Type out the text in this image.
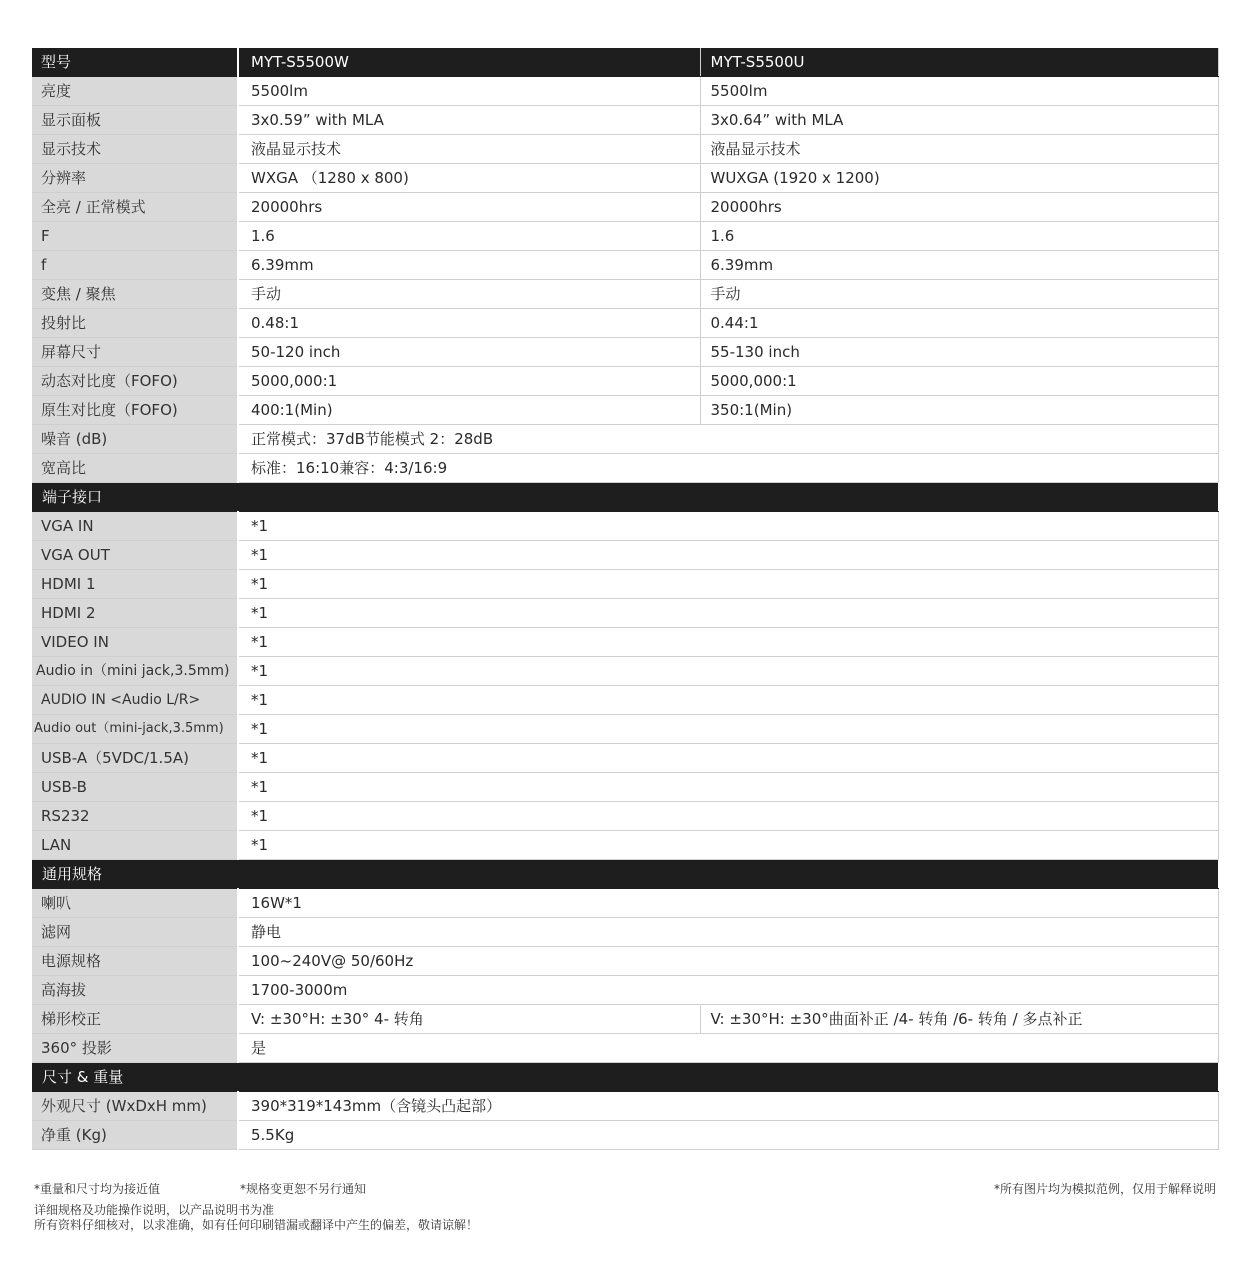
型号	MYT-S5500W	MYT-S5500U
亮度	5500lm	5500lm
显示面板	3x0.59” with MLA	3x0.64” with MLA
显示技术	液晶显示技术	液晶显示技术
分辨率	WXGA （1280 x 800)	WUXGA (1920 x 1200)
全亮 / 正常模式	20000hrs	20000hrs
F	1.6	1.6
f	6.39mm	6.39mm
变焦 / 聚焦	手动	手动
投射比	0.48:1	0.44:1
屏幕尺寸	50-120 inch	55-130 inch
动态对比度（FOFO)	5000,000:1	5000,000:1
原生对比度（FOFO)	400:1(Min)	350:1(Min)
噪音 (dB)	正常模式：37dB节能模式 2：28dB	
宽高比	标准：16:10兼容：4:3/16:9	
端子接口		
VGA IN	*1	
VGA OUT	*1	
HDMI 1	*1	
HDMI 2	*1	
VIDEO IN	*1	
Audio in（mini jack,3.5mm)	*1	
AUDIO IN <Audio L/R>	*1	
Audio out（mini-jack,3.5mm)	*1	
USB-A（5VDC/1.5A)	*1	
USB-B	*1	
RS232	*1	
LAN	*1	
通用规格		
喇叭	16W*1	
滤网	静电	
电源规格	100~240V@ 50/60Hz	
高海拔	1700-3000m	
梯形校正	V: ±30°H: ±30° 4- 转角	V: ±30°H: ±30°曲面补正 /4- 转角 /6- 转角 / 多点补正
360° 投影	是	
尺寸 & 重量		
外观尺寸 (WxDxH mm)	390*319*143mm（含镜头凸起部）	
净重 (Kg)	5.5Kg	
*重量和尺寸均为接近值	*规格变更恕不另行通知	*所有图片均为模拟范例，仅用于解释说明
详细规格及功能操作说明，以产品说明书为准
所有资料仔细核对，以求准确，如有任何印刷错漏或翻译中产生的偏差，敬请谅解！
